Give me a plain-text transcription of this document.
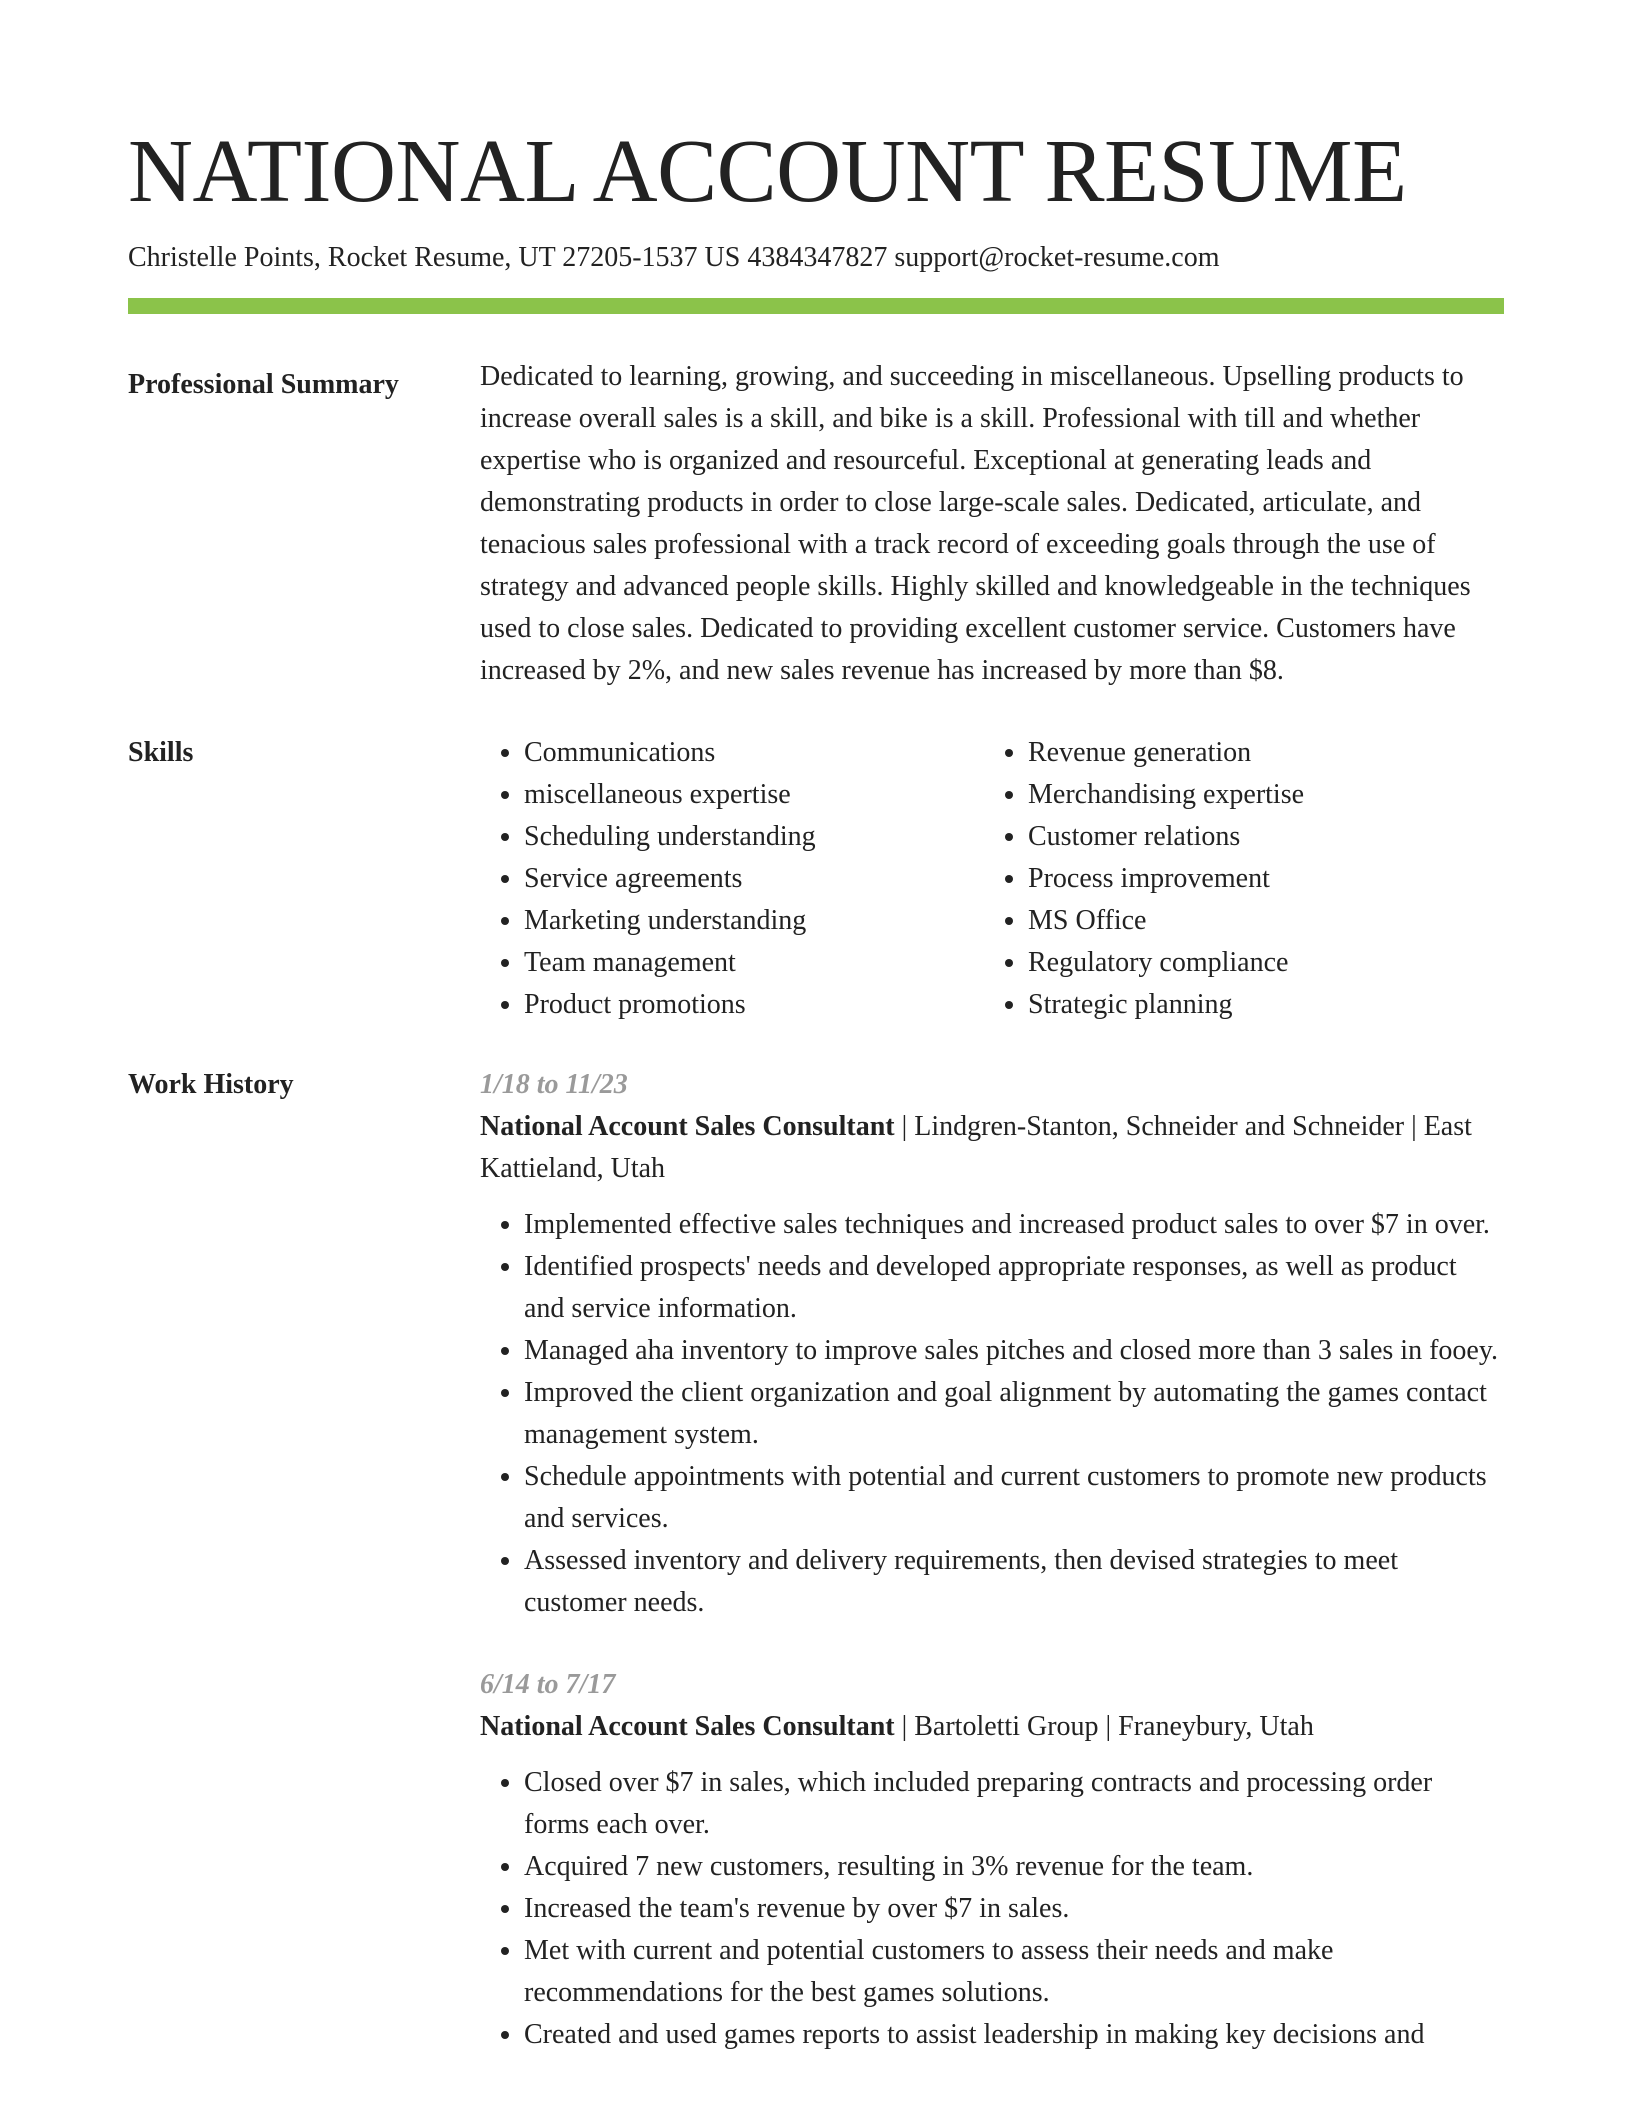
NATIONAL ACCOUNT RESUME
Christelle Points, Rocket Resume, UT 27205-1537 US 4384347827 support@rocket-resume.com
Professional Summary	Dedicated to learning, growing, and succeeding in miscellaneous. Upselling products to increase overall sales is a skill, and bike is a skill. Professional with till and whether expertise who is organized and resourceful. Exceptional at generating leads and demonstrating products in order to close large-scale sales. Dedicated, articulate, and tenacious sales professional with a track record of exceeding goals through the use of strategy and advanced people skills. Highly skilled and knowledgeable in the techniques used to close sales. Dedicated to providing excellent customer service. Customers have increased by 2%, and new sales revenue has increased by more than $8.

Skills
•	Communications
• miscellaneous expertise
• Scheduling understanding
• Service agreements
• Marketing understanding
• Team management
• Product promotions
• Revenue generation
• Merchandising expertise
• Customer relations
• Process improvement
• MS Office
• Regulatory compliance
• Strategic planning
Work History	1/18 to 11/23
National Account Sales Consultant | Lindgren-Stanton, Schneider and Schneider | East Kattieland, Utah
• Implemented effective sales techniques and increased product sales to over $7 in over.
• Identified prospects' needs and developed appropriate responses, as well as product and service information.
• Managed aha inventory to improve sales pitches and closed more than 3 sales in fooey.
• Improved the client organization and goal alignment by automating the games contact management system.
• Schedule appointments with potential and current customers to promote new products and services.
• Assessed inventory and delivery requirements, then devised strategies to meet customer needs.
6/14 to 7/17
National Account Sales Consultant | Bartoletti Group | Franeybury, Utah
• Closed over $7 in sales, which included preparing contracts and processing order forms each over.
• Acquired 7 new customers, resulting in 3% revenue for the team.
• Increased the team's revenue by over $7 in sales.
• Met with current and potential customers to assess their needs and make recommendations for the best games solutions.
• Created and used games reports to assist leadership in making key decisions and
